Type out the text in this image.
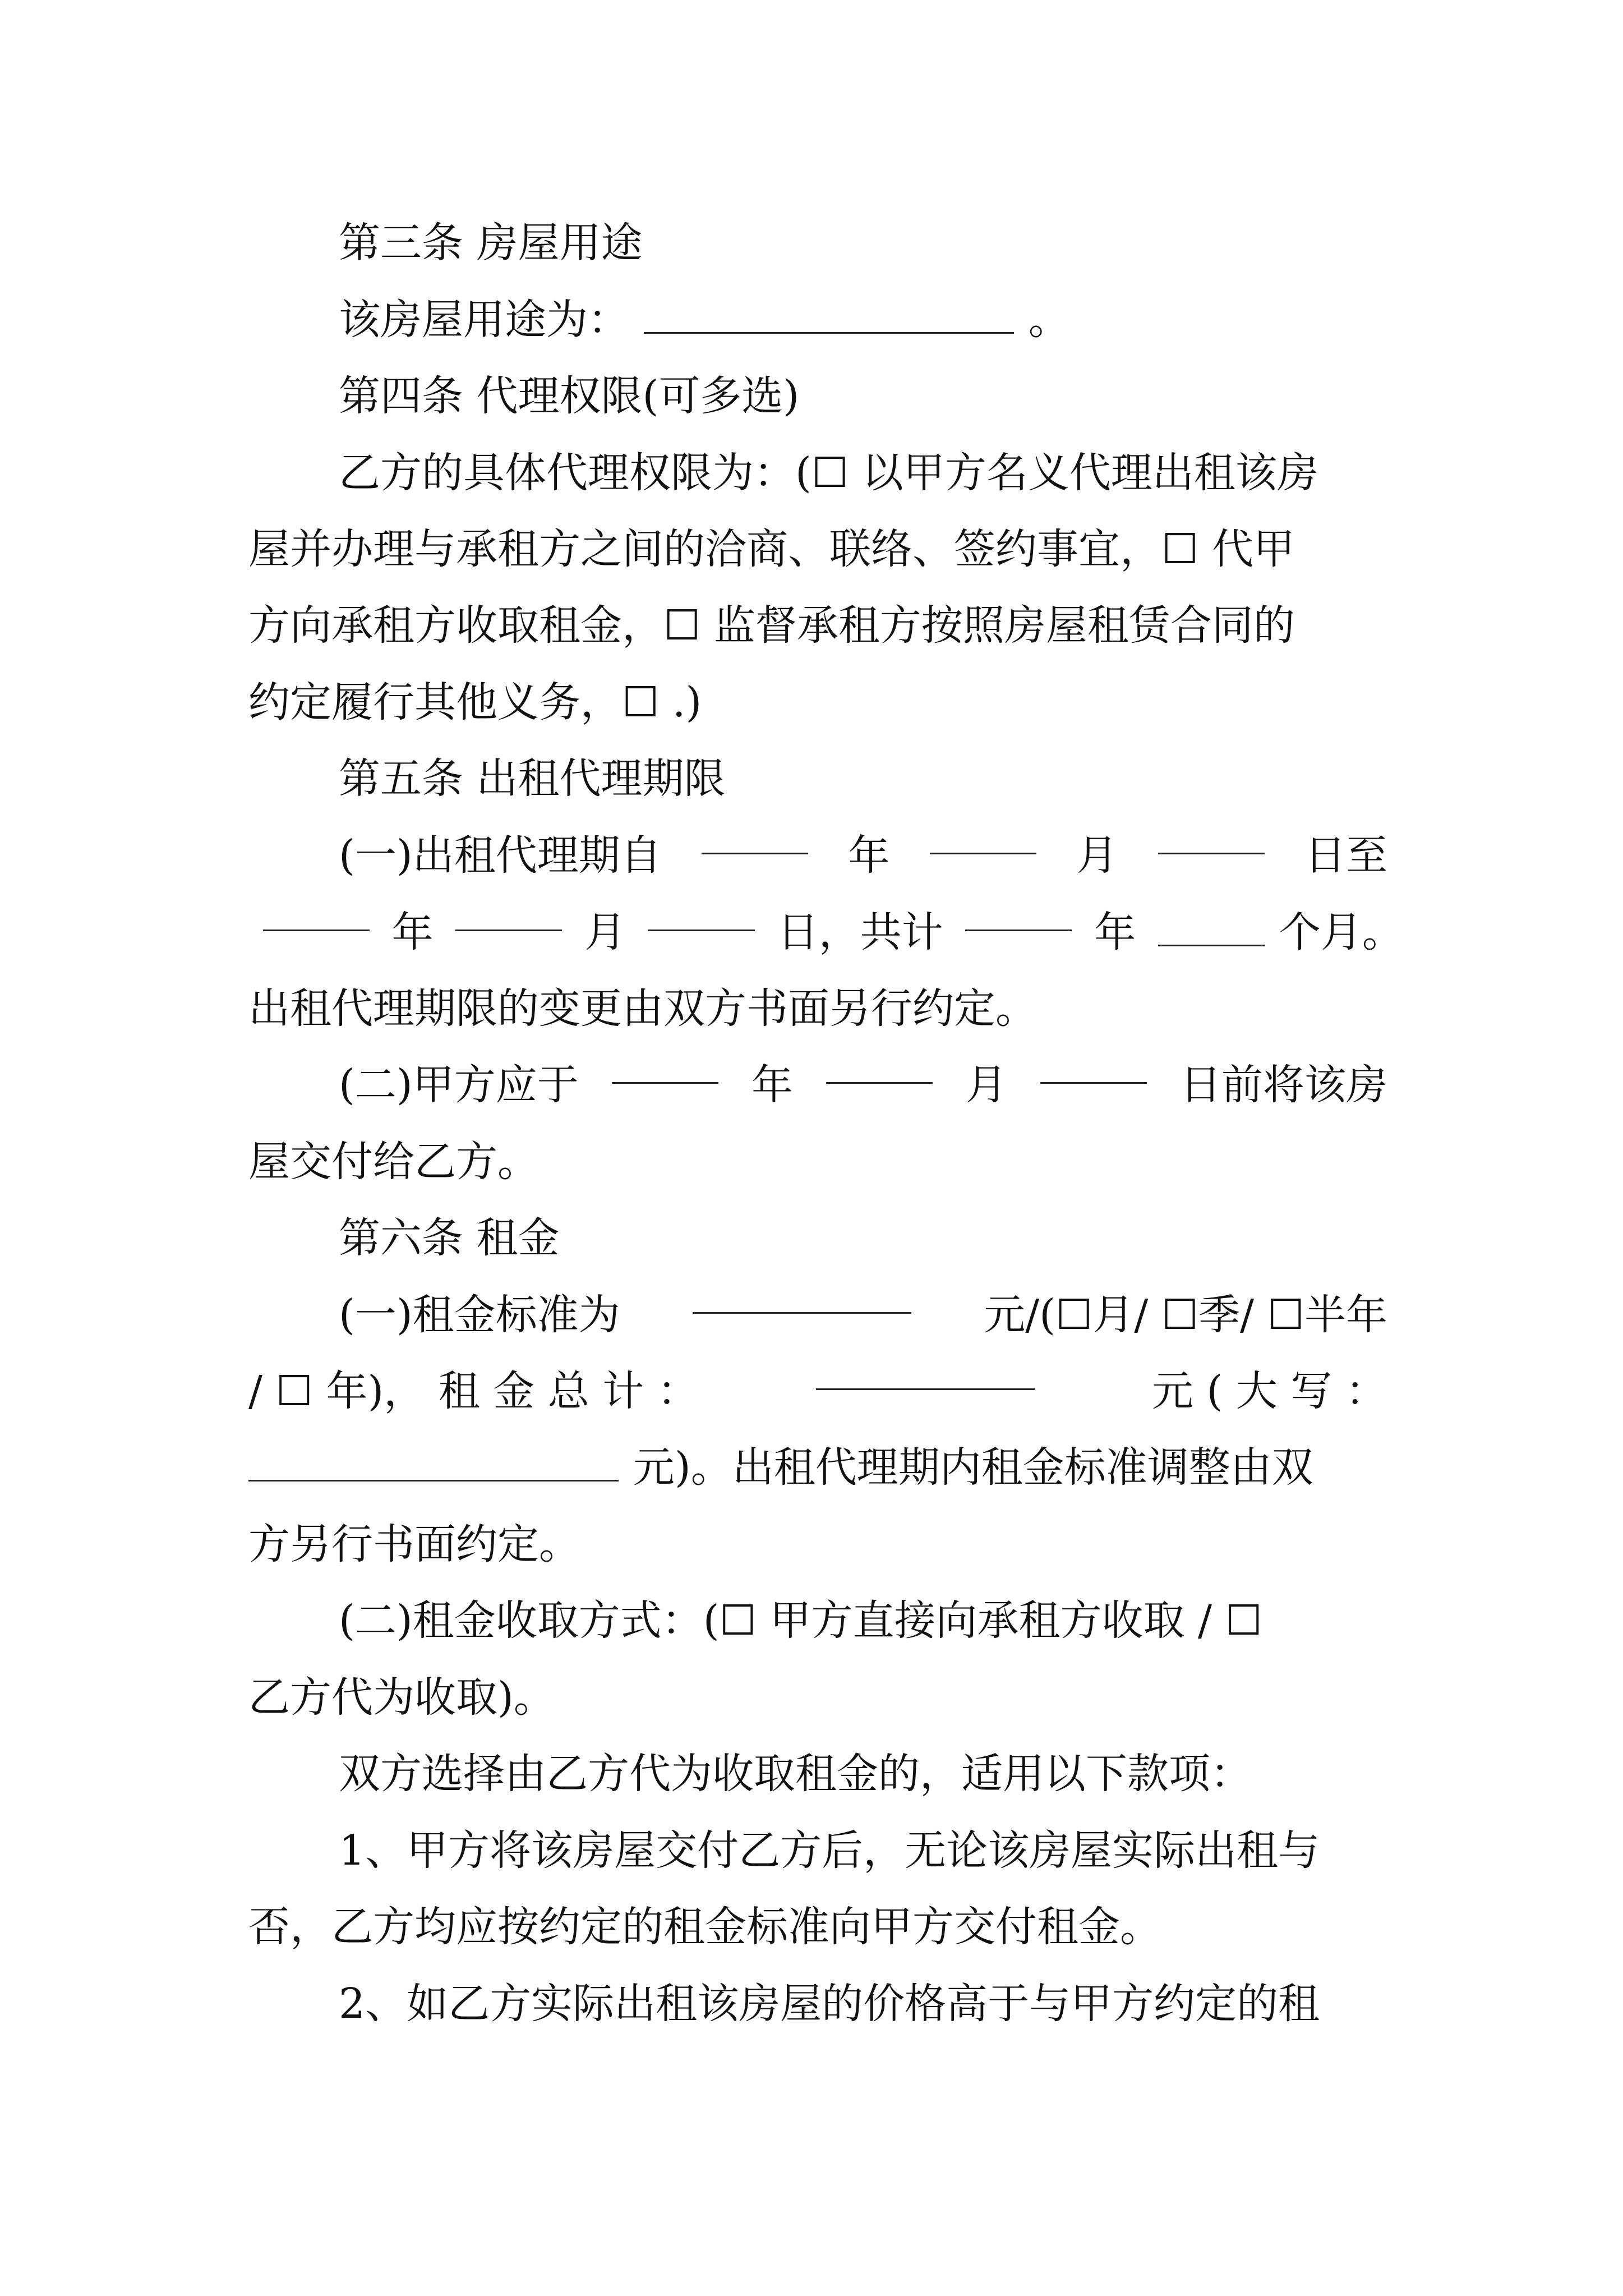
第三条 房屋用途
该房屋用途为：	。
第四条 代理权限(可多选)
乙方的具体代理权限为：(☐ 以甲方名义代理出租该房
屋并办理与承租方之间的洽商、联络、签约事宜，☐ 代甲
方向承租方收取租金，☐ 监督承租方按照房屋租赁合同的
约定履行其他义务，☐ .)
第五条 出租代理期限
(一)出租代理期自	年	月	日至
年	月	日，共计	年	个月。
出租代理期限的变更由双方书面另行约定。
(二)甲方应于	年	月	日前将该房
屋交付给乙方。
第六条 租金
(一)租金标准为	元/(☐月/ ☐季/ ☐半年
/ ☐ 年)， 租 金 总 计 ：	元 ( 大 写 ：
元)。出租代理期内租金标准调整由双
方另行书面约定。
(二)租金收取方式：(☐ 甲方直接向承租方收取 / ☐
乙方代为收取)。
双方选择由乙方代为收取租金的，适用以下款项：
1、甲方将该房屋交付乙方后，无论该房屋实际出租与
否，乙方均应按约定的租金标准向甲方交付租金。
2、如乙方实际出租该房屋的价格高于与甲方约定的租
